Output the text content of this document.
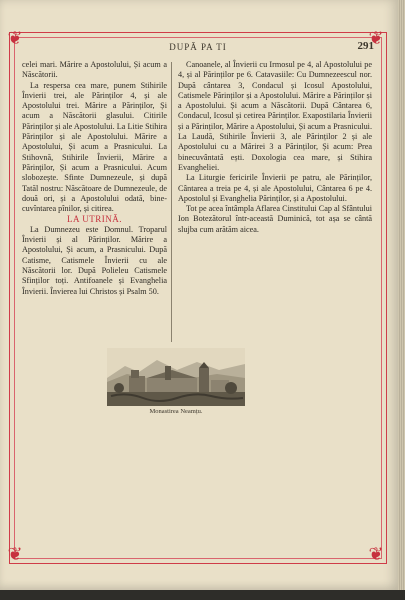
❦	❦
❦	❦
DUPĂ PA TI	291

celei mari. Mărire a Apostolului, Și acum a Născătorii.

La respersa cea mare, punem Stihirile Învierii trei, ale Părinților 4, și ale Apostolului trei. Mărire a Părinților, Și acum a Născătorii glasului. Citirile Părinților și ale Apostolului. La Litie Stihira Părinților și ale Apostolului. Mărire a Apostolului, Și acum a Prasnicului. La Stihovnă, Stihirile Învierii, Mărire a Părinților, Și acum a Prasnicului. Acum slobozește. Sfinte Dumnezeule, și după Tatăl nostru: Născătoare de Dumnezeule, de două ori, și a Apostolului odată, bine-cuvîntarea pînilor, și citirea.

LA UTRINĂ.

La Dumnezeu este Domnul. Troparul Învierii și al Părinților. Mărire a Apostolului, Și acum, a Prasnicului. După Catisme, Catismele Învierii cu ale Născătorii lor. După Polieleu Catismele Sfinților toți. Antifoanele și Evanghelia Învierii. Învierea lui Christos și Psalm 50.

Canoanele, al Învierii cu Irmosul pe 4, al Apostolului pe 4, și al Părinților pe 6. Catavasiile: Cu Dumnezeescul nor. După cântarea 3, Condacul și Icosul Apostolului, Catismele Părinților și a Apostolului. Mărire a Părinților și a Apostolului. Și acum a Născătorii. După Cântarea 6, Condacul, Icosul și cetirea Părinților. Exapostilaria Învierii și a Părinților, Mărire a Apostolului, Și acum a Prasnicului. La Laudă, Stihirile Învierii 3, ale Părinților 2 și ale Apostolului cu a Mărirei 3 a Părinților, Și acum: Prea binecuvântată ești. Doxologia cea mare, și Stihira Evangheliei.

La Liturgie fericirile Învierii pe patru, ale Părinților, Cântarea a treia pe 4, și ale Apostolului, Cântarea 6 pe 4. Apostolul și Evanghelia Părinților, și a Apostolului.

Tot pe acea întâmpla Aflarea Cinstitului Cap al Sfântului Ion Botezătorul într-această Duminică, tot așa se cântă slujba cum arătăm aicea.

Monastirea Neamțu.
